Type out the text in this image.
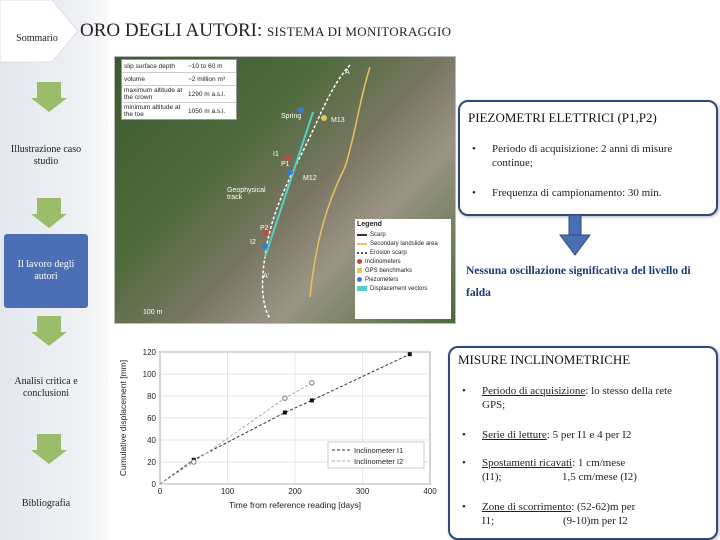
Sommario
Illustrazione caso studio
Il lavoro degli autori
Analisi critica e conclusioni
Bibliografia
ORO DEGLI AUTORI: SISTEMA DI MONITORAGGIO
slip surface depth	~10 to 60 m
volume	~2 million m³
maximum altitude at the crown	1290 m a.s.l.
minimum altitude at the toe	1050 m a.s.l.
A
Spring
M13
I1
P1
Geophysical track
M12
P2
I2
A'
100 m
Legend
Scarp
Secondary landslide area
Erosion scarp
Inclinometers
GPS benchmarks
Piezometers
Displacement vectors
PIEZOMETRI ELETTRICI (P1,P2)
• Periodo di acquisizione: 2 anni di misure continue;
• Frequenza di campionamento: 30 min.
Nessuna oscillazione significativa del livello di falda
MISURE INCLINOMETRICHE
• Periodo di acquisizione: lo stesso della rete GPS;
• Serie di letture: 5 per I1 e 4 per I2
• Spostamenti ricavati: 1 cm/mese (I1);                      1,5 cm/mese (I2)
• Zone di scorrimento: (52-62)m per I1;                         (9-10)m per I2
0
20
40
60
80
100
120
0	100	200	300	400
Time from reference reading [days]
Cumulative displacement [mm]	Inclinometer I1
Inclinometer I2
